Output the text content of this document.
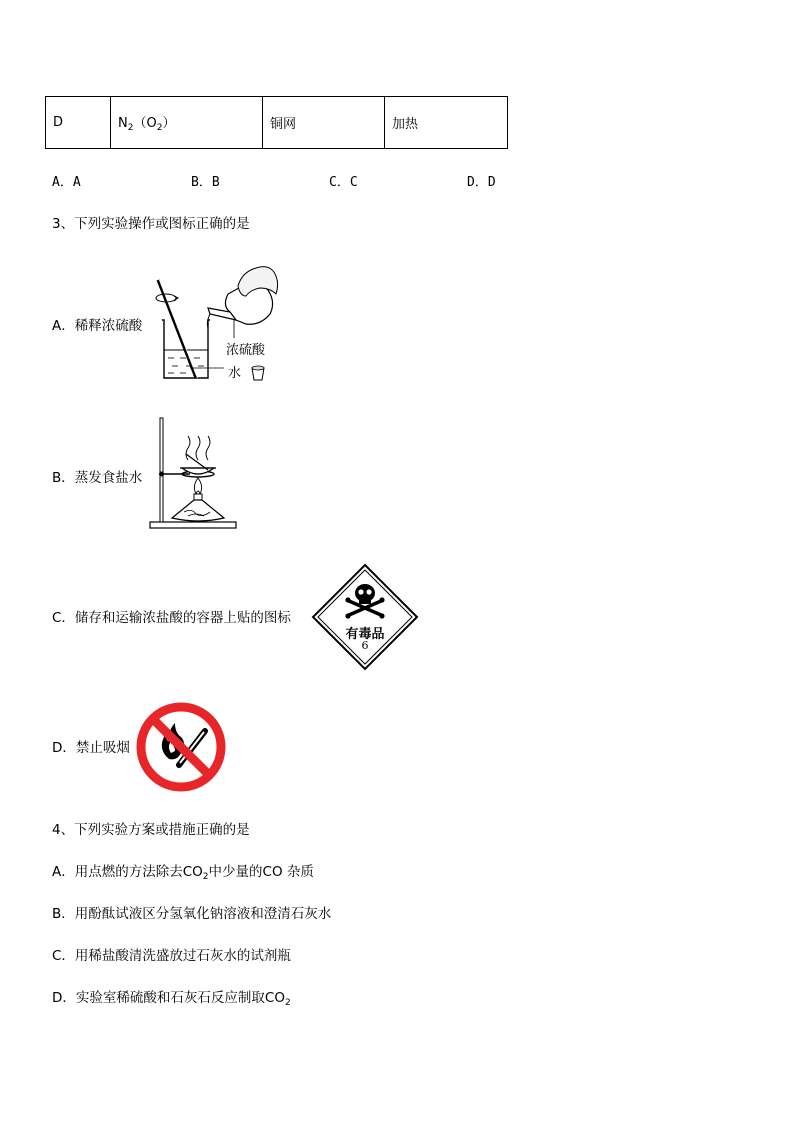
D	$N_2(O_2)$	铜网	加热
A．A	B．B	C．C	D．D
3、下列实验操作或图标正确的是
A．稀释浓硫酸
浓硫酸
水
B．蒸发食盐水
C．储存和运输浓盐酸的容器上贴的图标
有毒品
6
D．禁止吸烟
4、下列实验方案或措施正确的是
A．用点燃的方法除去$CO_2$中少量的CO 杂质
B．用酚酞试液区分氢氧化钠溶液和澄清石灰水
C．用稀盐酸清洗盛放过石灰水的试剂瓶
D．实验室稀硫酸和石灰石反应制取$CO_2$
